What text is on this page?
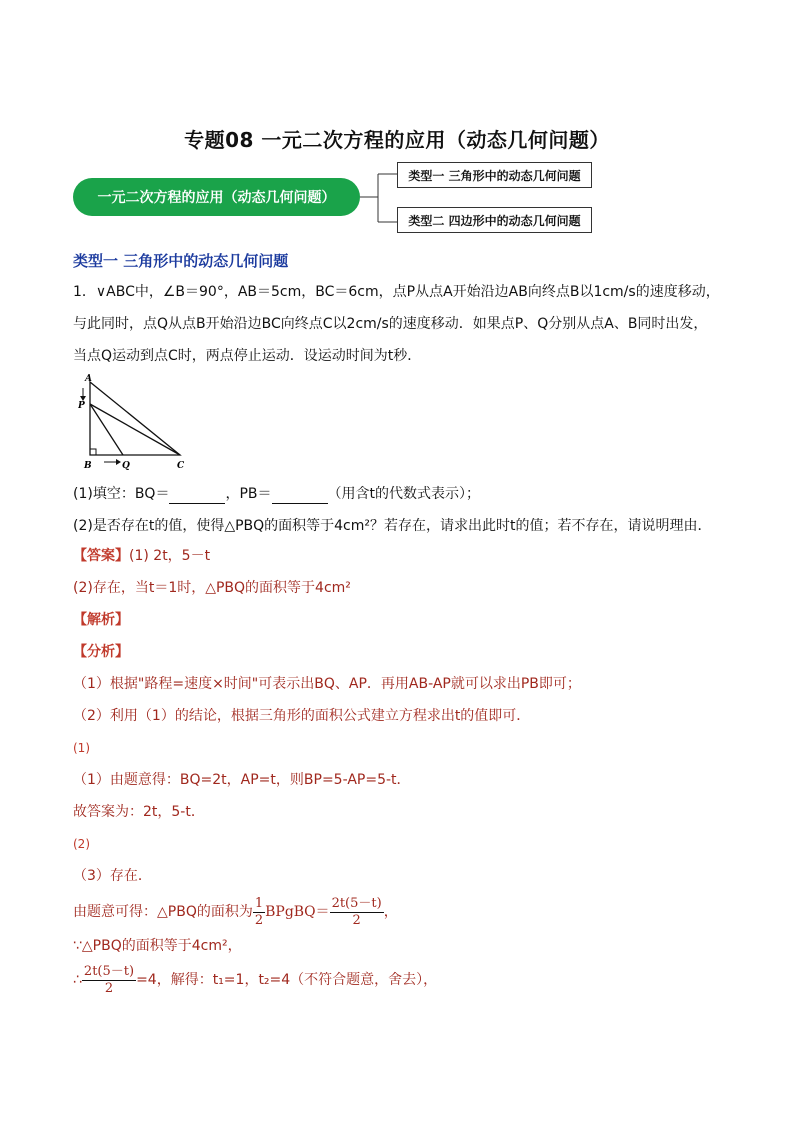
专题08 一元二次方程的应用（动态几何问题）
一元二次方程的应用（动态几何问题）
类型一 三角形中的动态几何问题
类型二 四边形中的动态几何问题
类型一 三角形中的动态几何问题
1．∨ABC中，∠B＝90°，AB＝5cm，BC＝6cm，点P从点A开始沿边AB向终点B以1cm/s的速度移动，
与此同时，点Q从点B开始沿边BC向终点C以2cm/s的速度移动．如果点P、Q分别从点A、B同时出发，
当点Q运动到点C时，两点停止运动．设运动时间为t秒．
A
P
B	Q	C
(1)填空：BQ＝	，PB＝	（用含t的代数式表示）；
(2)是否存在t的值，使得△PBQ的面积等于4cm²？若存在，请求出此时t的值；若不存在，请说明理由．
【答案】(1) 2t，5－t
(2)存在，当t＝1时，△PBQ的面积等于4cm²
【解析】
【分析】
（1）根据"路程=速度×时间"可表示出BQ、AP．再用AB-AP就可以求出PB即可；
（2）利用（1）的结论，根据三角形的面积公式建立方程求出t的值即可．
(1)
（1）由题意得：BQ=2t，AP=t，则BP=5-AP=5-t．
故答案为：2t，5-t．
(2)
（3）存在．
由题意可得：△PBQ的面积为 $\frac{1}{2}$ BPgBQ＝ $\frac{2t(5-t)}{2}$ ，
∵△PBQ的面积等于4cm²，
∴ $\frac{2t(5-t)}{2} =4$，解得：t₁=1，t₂=4（不符合题意，舍去），
